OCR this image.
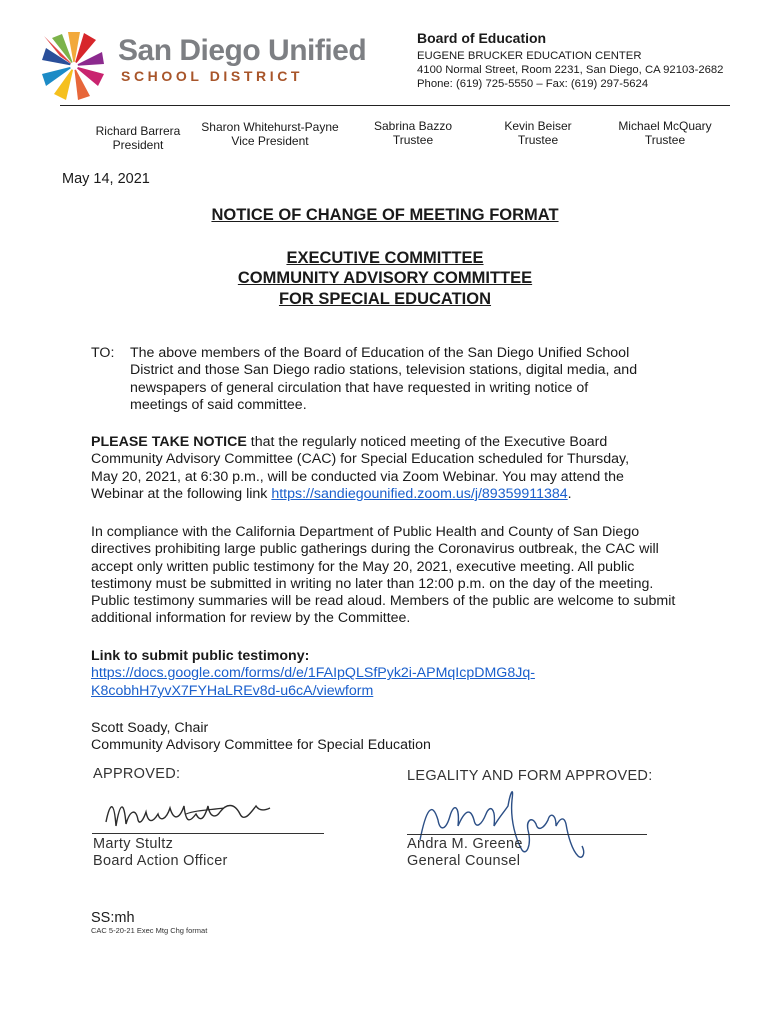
San Diego Unified
SCHOOL DISTRICT
Board of Education
EUGENE BRUCKER EDUCATION CENTER
4100 Normal Street, Room 2231, San Diego, CA 92103-2682
Phone: (619) 725-5550 – Fax: (619) 297-5624
Richard Barrera
President
Sharon Whitehurst-Payne
Vice President
Sabrina Bazzo
Trustee
Kevin Beiser
Trustee
Michael McQuary
Trustee
May 14, 2021
NOTICE OF CHANGE OF MEETING FORMAT
EXECUTIVE COMMITTEE
COMMUNITY ADVISORY COMMITTEE
FOR SPECIAL EDUCATION
TO: The above members of the Board of Education of the San Diego Unified School
District and those San Diego radio stations, television stations, digital media, and
newspapers of general circulation that have requested in writing notice of
meetings of said committee.
PLEASE TAKE NOTICE that the regularly noticed meeting of the Executive Board
Community Advisory Committee (CAC) for Special Education scheduled for Thursday,
May 20, 2021, at 6:30 p.m., will be conducted via Zoom Webinar. You may attend the
Webinar at the following link https://sandiegounified.zoom.us/j/89359911384.
In compliance with the California Department of Public Health and County of San Diego
directives prohibiting large public gatherings during the Coronavirus outbreak, the CAC will
accept only written public testimony for the May 20, 2021, executive meeting. All public
testimony must be submitted in writing no later than 12:00 p.m. on the day of the meeting.
Public testimony summaries will be read aloud. Members of the public are welcome to submit
additional information for review by the Committee.
Link to submit public testimony:
https://docs.google.com/forms/d/e/1FAIpQLSfPyk2i-APMqIcpDMG8Jq-
K8cobhH7yvX7FYHaLREv8d-u6cA/viewform
Scott Soady, Chair
Community Advisory Committee for Special Education
APPROVED:
Marty Stultz
Board Action Officer
LEGALITY AND FORM APPROVED:
Andra M. Greene
General Counsel
SS:mh
CAC 5-20-21 Exec Mtg Chg format
